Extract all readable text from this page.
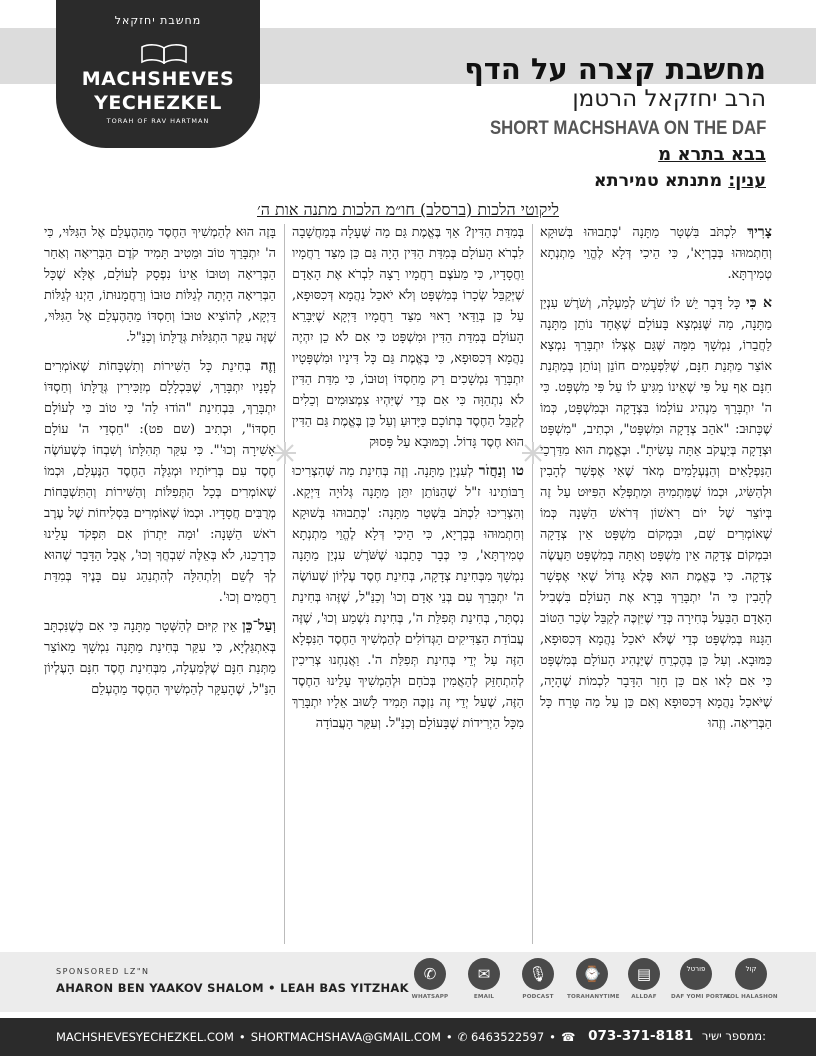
מחשבת יחזקאל
MACHSHEVES
YECHEZKEL
TORAH OF RAV HARTMAN
מחשבת קצרה על הדף
הרב יחזקאל הרטמן
SHORT MACHSHAVA ON THE DAF
בבא בתרא מ
ענין: מתנתא טמירתא
ליקוטי הלכות (ברסלב) חו״מ הלכות מתנה אות ה׳

צָרִיךְ לִכְתֹּב בִּשְׁטָר מַתָּנָה 'כְּתַבוּהוּ בְּשׁוּקָא וְחַתְמוּהוּ בְּבָרְיָא', כִּי הֵיכִי דְּלָא לֶהֱוֵי מַתְנְתָא טְמִירְתָּא.

א כִּי כָּל דָּבָר יֵשׁ לוֹ שֹׁרֶשׁ לְמַעְלָה, וְשֹׁרֶשׁ עִנְיַן מַתָּנָה, מַה שֶּׁנִּמְצָא בָּעוֹלָם שֶׁאֶחָד נוֹתֵן מַתָּנָה לַחֲבֵרוֹ, נִמְשָׁךְ מִמָּה שֶּׁגַּם אֶצְלוֹ יִתְבָּרַךְ נִמְצָא אוֹצַר מַתְּנַת חִנָּם, שֶׁלִּפְעָמִים חוֹנֵן וְנוֹתֵן בְּמַתְּנַת חִנָּם אַף עַל פִּי שֶׁאֵינוֹ מַגִּיעַ לוֹ עַל פִּי מִשְׁפָּט. כִּי ה' יִתְבָּרַךְ מַנְהִיג עוֹלָמוֹ בִּצְדָקָה וּבְמִשְׁפָּט, כְּמוֹ שֶׁכָּתוּב: "אֹהֵב צְדָקָה וּמִשְׁפָּט", וּכְתִיב, "מִשְׁפָּט וּצְדָקָה בְּיַעֲקֹב אַתָּה עָשִׂיתָ". וּבֶאֱמֶת הוּא מִדַּרְכֵי הַנִּפְלָאִים וְהַנֶּעְלָמִים מְאֹד שֶׁאִי אֶפְשָׁר לְהָבִין וּלְהַשִּׂיג, וּכְמוֹ שֶׁמַּתְמִיהַּ וּמַתְפְּלֵא הַפִּיּוּט עַל זֶה בְּיוֹצֵר שֶׁל יוֹם רִאשׁוֹן דְּרֹאשׁ הַשָּׁנָה כְּמוֹ שֶׁאוֹמְרִים שָׁם, וּבִמְקוֹם מִשְׁפָּט אֵין צְדָקָה וּבִמְקוֹם צְדָקָה אֵין מִשְׁפָּט וְאַתָּה בְּמִשְׁפָּט תַּעֲשֶׂה צְדָקָה. כִּי בֶּאֱמֶת הוּא פֶּלֶא גָּדוֹל שֶׁאִי אֶפְשָׁר לְהָבִין כִּי ה' יִתְבָּרַךְ בָּרָא אֶת הָעוֹלָם בִּשְׁבִיל הָאָדָם הַבַּעַל בְּחִירָה כְּדֵי שֶׁיִּזְכֶּה לְקַבֵּל שְׂכַר הַטּוֹב הַגָּנוּז בְּמִשְׁפָּט כְּדֵי שֶׁלֹּא יֹאכַל נַהֲמָא דְּכִסּוּפָא, כַּמּוּבָא. וְעַל כֵּן בְּהֶכְרֵחַ שֶׁיַּנְהִיג הָעוֹלָם בְּמִשְׁפָּט כִּי אִם לָאו אִם כֵּן חָזַר הַדָּבָר לִכְמוֹת שֶׁהָיָה, שֶׁיֹּאכַל נַהֲמָא דְּכִסּוּפָא וְאִם כֵּן עַל מַה טָּרַח כָּל הַבְּרִיאָה. וְזֶהוּ

בְּמִדַּת הַדִּין? אַךְ בֶּאֱמֶת גַּם מַה שֶּׁעָלָה בְּמַחֲשָׁבָה לִבְרֹא הָעוֹלָם בְּמִדַּת הַדִּין הָיָה גַּם כֵּן מִצַּד רַחֲמָיו וַחֲסָדָיו, כִּי מֵעֹצֶם רַחֲמָיו רָצָה לִבְרֹא אֶת הָאָדָם שֶׁיְּקַבֵּל שְׂכָרוֹ בְּמִשְׁפָּט וְלֹא יֹאכַל נַהֲמָא דְּכִסּוּפָא, עַל כֵּן בְּוַדַּאי רָאוּי מִצַּד רַחֲמָיו דַּיְקָא שֶׁיִּבָּרֵא הָעוֹלָם בְּמִדַּת הַדִּין וּמִשְׁפָּט כִּי אִם לֹא כֵן יִהְיֶה נַהֲמָא דְּכִסּוּפָא, כִּי בֶּאֱמֶת גַּם כָּל דִּינָיו וּמִשְׁפָּטָיו יִתְבָּרַךְ נִמְשָׁכִים רַק מֵחַסְדּוֹ וְטוּבוֹ, כִּי מִדַּת הַדִּין לֹא נִתְהַוָּה כִּי אִם כְּדֵי שֶׁיִּהְיוּ צִמְצוּמִים וְכֵלִים לְקַבֵּל הַחֶסֶד בְּתוֹכָם כַּיָּדוּעַ וְעַל כֵּן בֶּאֱמֶת גַּם הַדִּין הוּא חֶסֶד גָּדוֹל. וְכַמּוּבָא עַל פָּסוּק

טו וְנַחֲזֹר לְעִנְיַן מַתָּנָה. וְזֶה בְּחִינַת מַה שֶּׁהִצְרִיכוּ רַבּוֹתֵינוּ ז"ל שֶׁהַנּוֹתֵן יִתֵּן מַתָּנָה גְּלוּיָה דַּיְקָא. וְהִצְרִיכוּ לִכְתֹּב בִּשְׁטַר מַתָּנָה: 'כְּתַבוּהוּ בְּשׁוּקָא וְחַתְמוּהוּ בְּבָרְיָא, כִּי הֵיכִי דְּלָא לֶהֱוֵי מַתְנְתָא טְמִירְתָּא', כִּי כְּבָר כָּתַבְנוּ שֶׁשֹּׁרֶשׁ עִנְיַן מַתָּנָה נִמְשָׁךְ מִבְּחִינַת צְדָקָה, בְּחִינַת חֶסֶד עֶלְיוֹן שֶׁעוֹשֶׂה ה' יִתְבָּרַךְ עִם בְּנֵי אָדָם וְכוּ' וְכַנַּ"ל, שֶׁזֶּהוּ בְּחִינַת נִסְתָּר, בְּחִינַת תְּפִלַּת ה', בְּחִינַת נִשְׁמַע וְכוּ', שֶׁזֶּה עֲבוֹדַת הַצַּדִּיקִים הַגְּדוֹלִים לְהַמְשִׁיךְ הַחֶסֶד הַנִּפְלָא הַזֶּה עַל יְדֵי בְּחִינַת תְּפִלַּת ה'. וַאֲנַחְנוּ צְרִיכִין לְהִתְחַזֵּק לְהַאֲמִין בְּכֹחָם וּלְהַמְשִׁיךְ עָלֵינוּ הַחֶסֶד הַזֶּה, שֶׁעַל יְדֵי זֶה נִזְכֶּה תָּמִיד לָשׁוּב אֵלָיו יִתְבָּרַךְ מִכָּל הַיְרִידוֹת שֶׁבָּעוֹלָם וְכַנַּ"ל. וְעִקַּר הָעֲבוֹדָה

בָּזֶה הוּא לְהַמְשִׁיךְ הַחֶסֶד מֵהַהֶעְלֵם אֶל הַגִּלּוּי, כִּי ה' יִתְבָּרַךְ טוֹב וּמֵטִיב תָּמִיד קֹדֶם הַבְּרִיאָה וְאַחַר הַבְּרִיאָה וְטוּבוֹ אֵינוֹ נִפְסָק לְעוֹלָם, אֶלָּא שֶׁכָּל הַבְּרִיאָה הָיְתָה לְגַלּוֹת טוּבוֹ וְרַחֲמָנוּתוֹ, הַיְנוּ לְגַלּוֹת דַּיְקָא, לְהוֹצִיא טוּבוֹ וְחַסְדּוֹ מֵהַהֶעְלֵם אֶל הַגִּלּוּי, שֶׁזֶּה עִקַּר הִתְגַּלּוּת גְּדֻלָּתוֹ וְכַנַּ"ל.

וְזֶה בְּחִינַת כָּל הַשִּׁירוֹת וְתִשְׁבָּחוֹת שֶׁאוֹמְרִים לְפָנָיו יִתְבָּרַךְ, שֶׁבִּכְלָלָם מְזַכִּירִין גְּדֻלָּתוֹ וְחַסְדּוֹ יִתְבָּרַךְ, בִּבְחִינַת "הוֹדוּ לַה' כִּי טוֹב כִּי לְעוֹלָם חַסְדּוֹ", וּכְתִיב (שם פט): "חַסְדֵי ה' עוֹלָם אָשִׁירָה וְכוּ'". כִּי עִקַּר תְּהִלָּתוֹ וְשִׁבְחוֹ כְּשֶׁעוֹשֶׂה חֶסֶד עִם בְּרִיּוֹתָיו וּמְגַלֶּה הַחֶסֶד הַנֶּעְלָם, וּכְמוֹ שֶׁאוֹמְרִים בְּכָל הַתְּפִלּוֹת וְהַשִּׁירוֹת וְהַתִּשְׁבָּחוֹת מְרֻבִּים חֲסָדָיו. וּכְמוֹ שֶׁאוֹמְרִים בִּסְלִיחוֹת שֶׁל עֶרֶב רֹאשׁ הַשָּׁנָה: 'וּמַה יִּתְרוֹן אִם תִּפְקֹד עָלֵינוּ כִּדְרָכֵנוּ, לֹא בְּאֵלֶּה שִׁבְחֲךָ וְכוּ', אֲבָל הַדָּבָר שֶׁהוּא לְךָ לְשֵׁם וְלִתְהִלָּה לְהִתְנַהֵג עִם בָּנֶיךָ בְּמִדַּת רַחֲמִים וְכוּ'.

וְעַל־כֵּן אֵין קִיּוּם לְהַשְּׁטָר מַתָּנָה כִּי אִם כְּשֶׁנִּכְתָּב בְּאִתְגַּלְיָא, כִּי עִקַּר בְּחִינַת מַתָּנָה נִמְשָׁךְ מֵאוֹצַר מַתְּנַת חִנָּם שֶׁלְּמַעְלָה, מִבְּחִינַת חֶסֶד חִנָּם הָעֶלְיוֹן הַנַּ"ל, שֶׁהָעִקָּר לְהַמְשִׁיךְ הַחֶסֶד מֵהֶעְלֵם

SPONSORED LZ"N
AHARON BEN YAAKOV SHALOM • LEAH BAS YITZHAK
✆
WHATSAPP
✉
EMAIL
🎙
PODCAST
⌚
TORAHANYTIME
▤
ALLDAF
פורטל
DAF YOMI PORTAL
קול
KOL HALASHON
MACHSHEVESYECHEZKEL.COM • SHORTMACHSHAVA@GMAIL.COM • ✆ 6463522597 • ☎ 073-371-8181 ממספר ישיר:
